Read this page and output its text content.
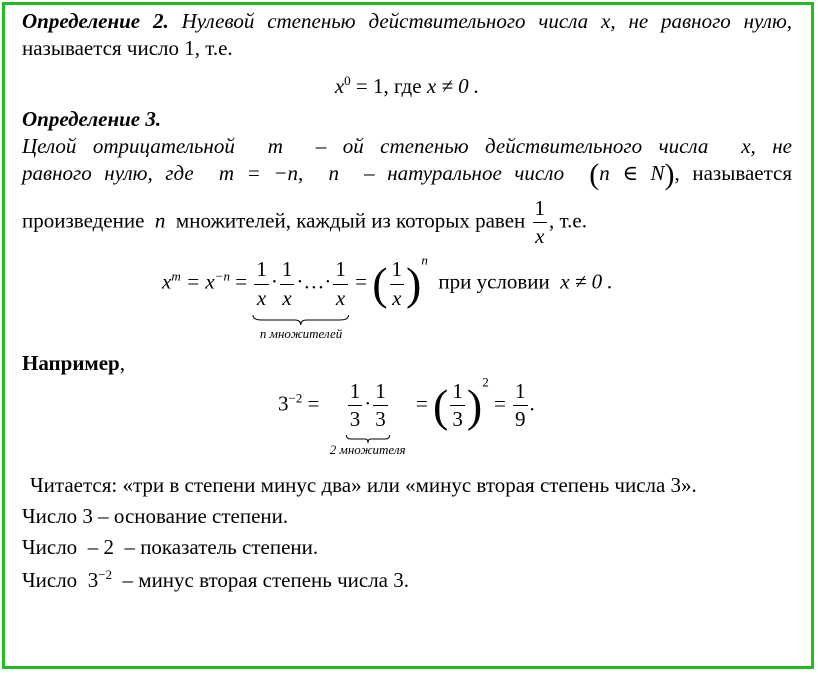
Определение 2. Нулевой степенью действительного числа x, не равного нулю, называется число 1, т.е.

$x^0 = 1$, где x ≠ 0 .

Определение 3.

Целой отрицательной m – ой степенью действительного числа x, не

равного нулю, где m = −n, n – натуральное число (n ∈ N), называется

произведение n множителей, каждый из которых равен $\frac{1}{x}$ , т.е.

$x^m = x^{-n} = \frac{1}{x} \cdot \frac{1}{x}$ ·…· $\frac{1}{x}$
n множителей
= ( $\frac{1}{x} )^n$  при условии x ≠ 0 .

Например,

$3^{-2} = \frac{1}{3} \cdot \frac{1}{3}$
2 множителя
= ( $\frac{1}{3} )^2 = \frac{1}{9}$ .

Читается: «три в степени минус два» или «минус вторая степень числа 3».

Число 3 – основание степени.

Число – 2 – показатель степени.

Число $3^{-2}$ – минус вторая степень числа 3.
